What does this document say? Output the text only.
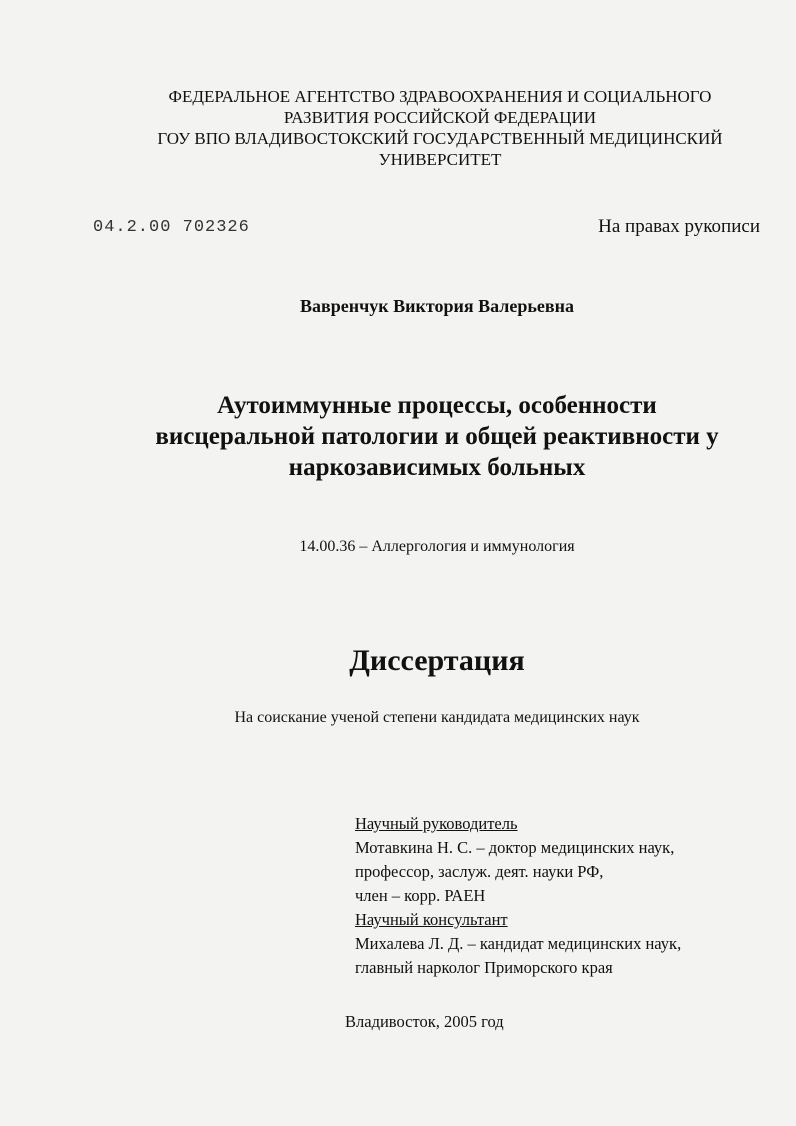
ФЕДЕРАЛЬНОЕ АГЕНТСТВО ЗДРАВООХРАНЕНИЯ И СОЦИАЛЬНОГО
РАЗВИТИЯ РОССИЙСКОЙ ФЕДЕРАЦИИ
ГОУ ВПО ВЛАДИВОСТОКСКИЙ ГОСУДАРСТВЕННЫЙ МЕДИЦИНСКИЙ
УНИВЕРСИТЕТ
04.2.00 702326	На правах рукописи
Вавренчук Виктория Валерьевна
Аутоиммунные процессы, особенности
висцеральной патологии и общей реактивности у
наркозависимых больных
14.00.36 – Аллергология и иммунология
Диссертация
На соискание ученой степени кандидата медицинских наук
Научный руководитель
Мотавкина Н. С. – доктор медицинских наук,
профессор, заслуж. деят. науки РФ,
член – корр. РАЕН
Научный консультант
Михалева Л. Д. – кандидат медицинских наук,
главный нарколог Приморского края
Владивосток, 2005 год
